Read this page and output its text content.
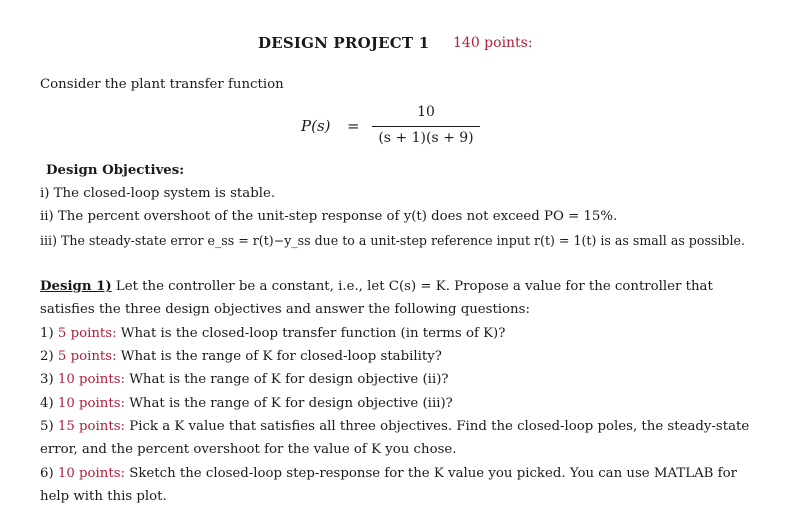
DESIGN PROJECT 1 140 points:
Consider the plant transfer function
P(s) =
10
(s + 1)(s + 9)
Design Objectives:
i) The closed-loop system is stable.
ii) The percent overshoot of the unit-step response of y(t) does not exceed PO = 15%.
iii) The steady-state error e_ss = r(t)−y_ss due to a unit-step reference input r(t) = 1(t) is as small as possible.
Design 1) Let the controller be a constant, i.e., let C(s) = K. Propose a value for the controller that
satisfies the three design objectives and answer the following questions:
1) 5 points: What is the closed-loop transfer function (in terms of K)?
2) 5 points: What is the range of K for closed-loop stability?
3) 10 points: What is the range of K for design objective (ii)?
4) 10 points: What is the range of K for design objective (iii)?
5) 15 points: Pick a K value that satisfies all three objectives. Find the closed-loop poles, the steady-state
error, and the percent overshoot for the value of K you chose.
6) 10 points: Sketch the closed-loop step-response for the K value you picked. You can use MATLAB for
help with this plot.
